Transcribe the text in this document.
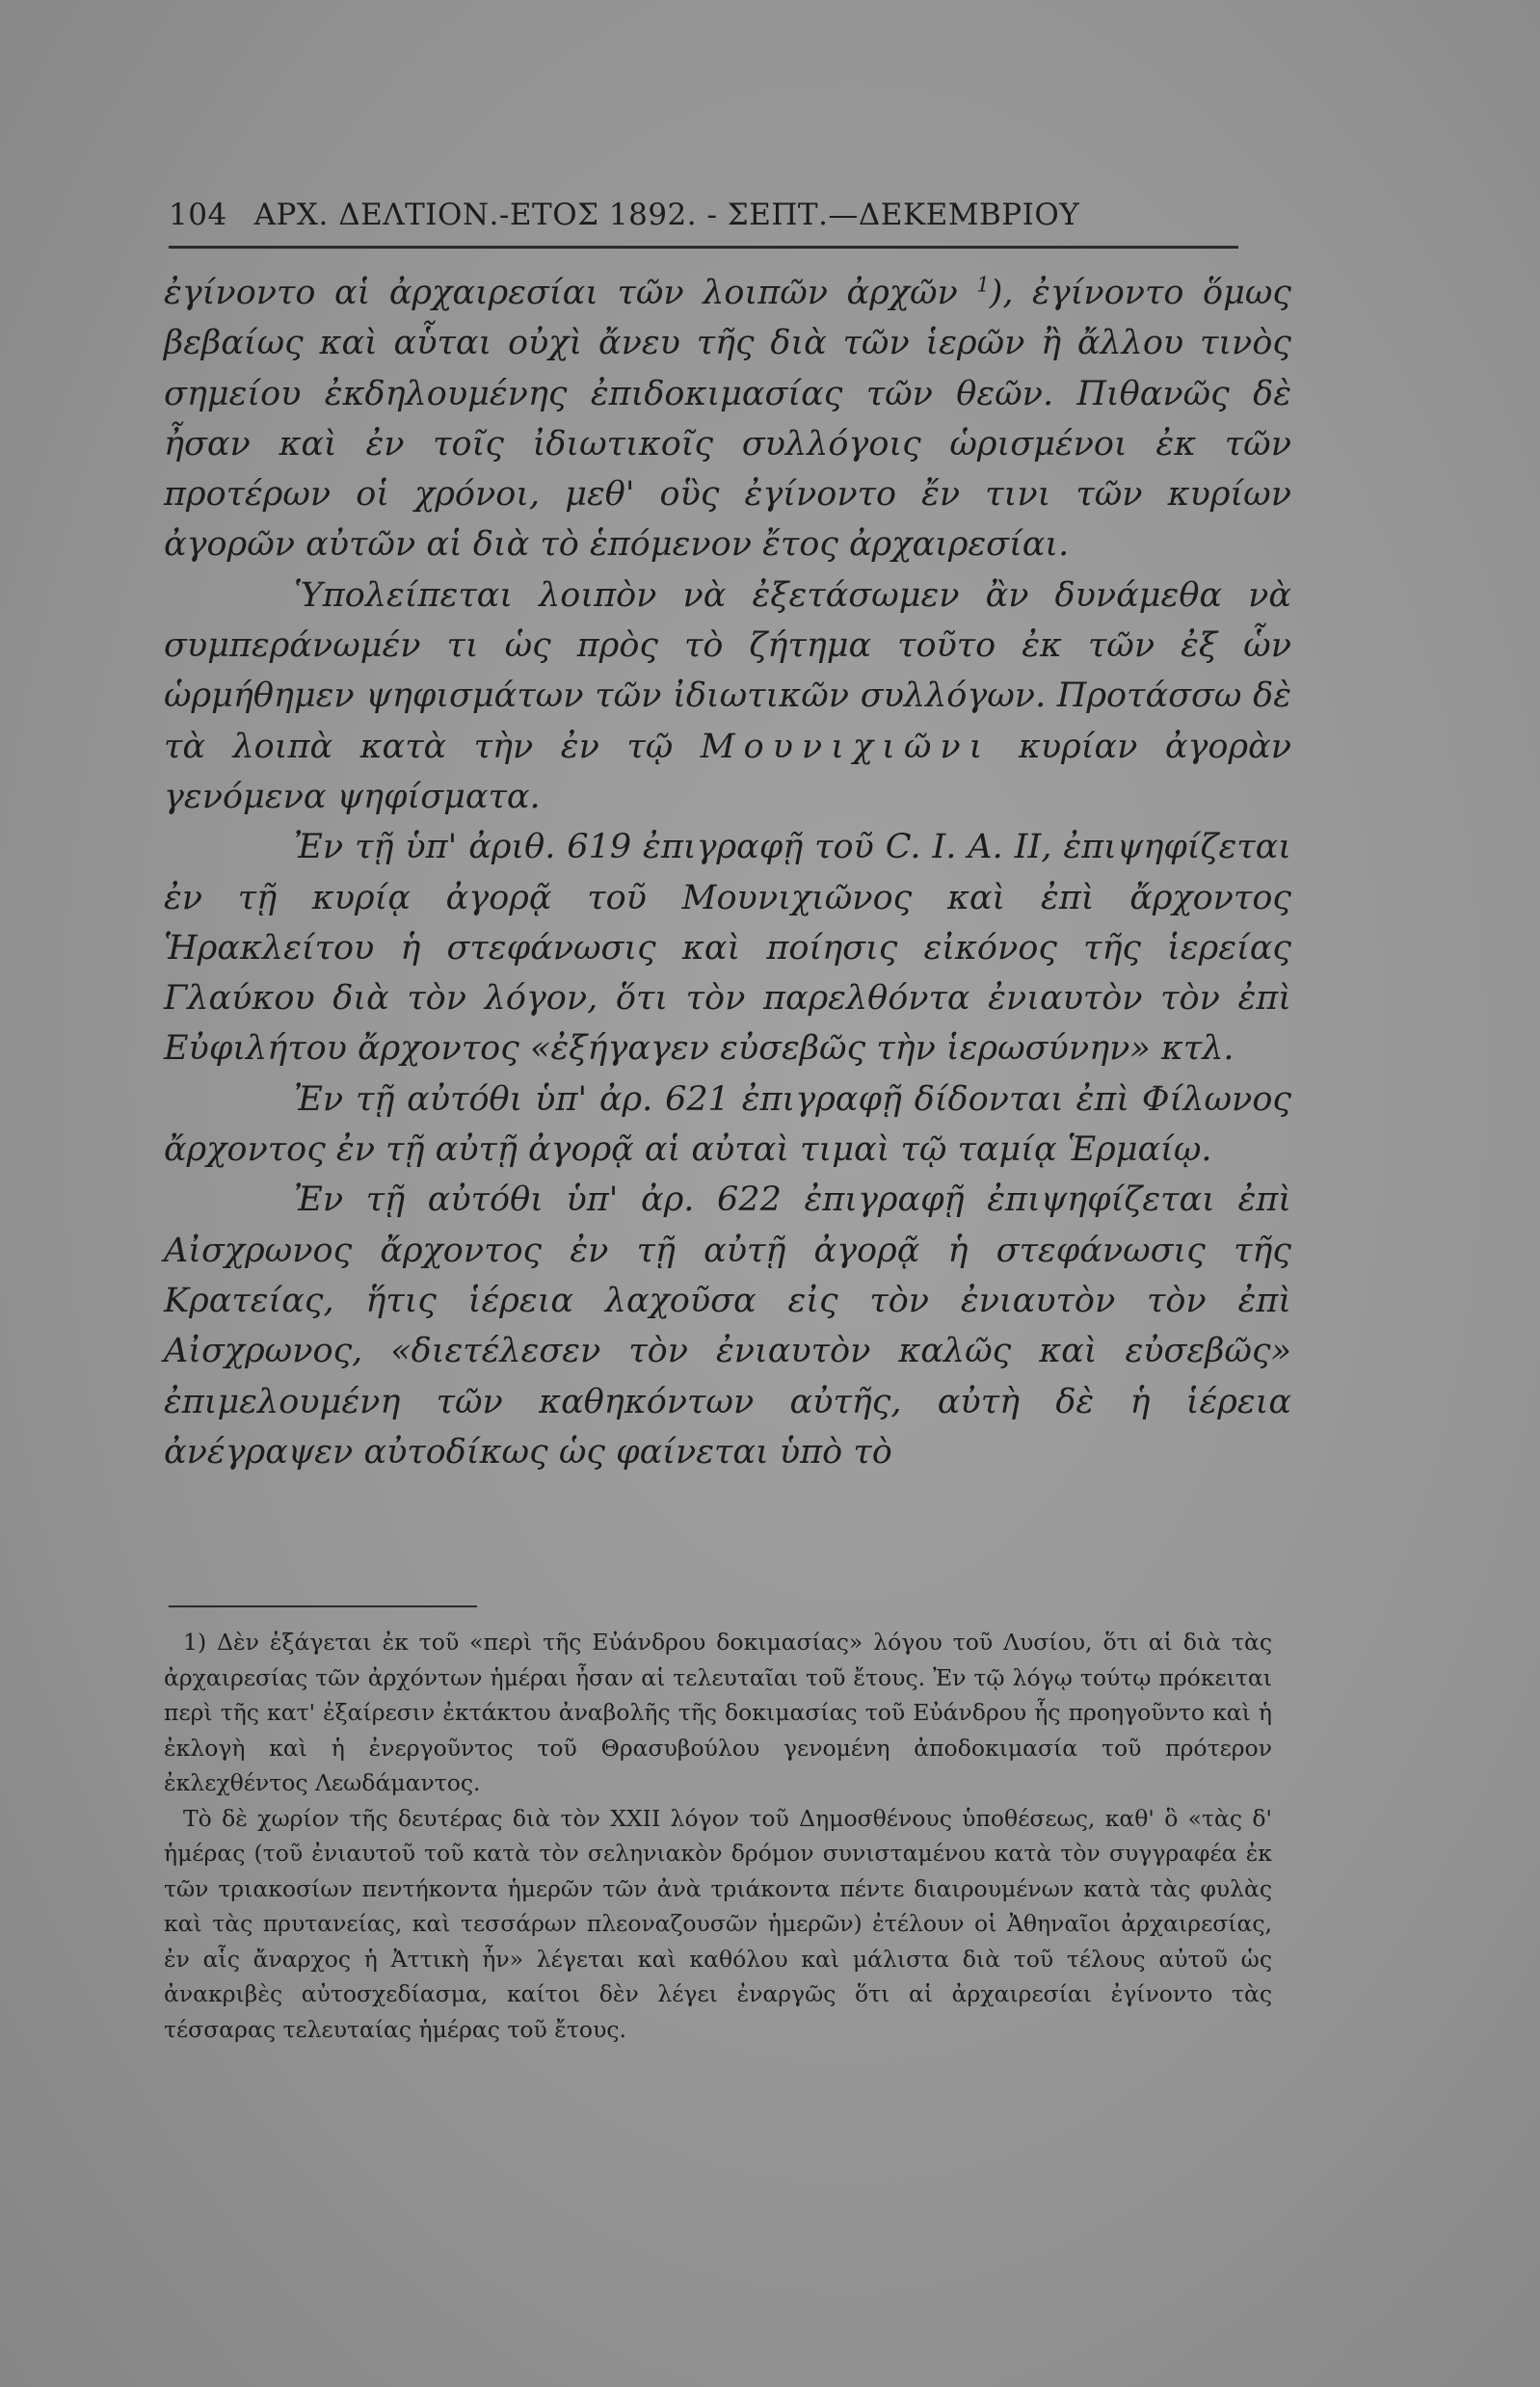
104 ΑΡΧ. ΔΕΛΤΙΟΝ.-ΕΤΟΣ 1892. - ΣΕΠΤ.—ΔΕΚΕΜΒΡΙΟΥ

ἐγίνοντο αἱ ἀρχαιρεσίαι τῶν λοιπῶν ἀρχῶν $^1$), ἐγίνοντο ὅμως βεβαίως καὶ αὗται οὐχὶ ἄνευ τῆς διὰ τῶν ἱερῶν ἢ ἄλλου τινὸς σημείου ἐκδηλουμένης ἐπιδοκιμασίας τῶν θεῶν. Πιθανῶς δὲ ἦσαν καὶ ἐν τοῖς ἰδιωτικοῖς συλλόγοις ὡρισμένοι ἐκ τῶν προτέρων οἱ χρόνοι, μεθ' οὓς ἐγίνοντο ἔν τινι τῶν κυρίων ἀγορῶν αὐτῶν αἱ διὰ τὸ ἑπόμενον ἔτος ἀρχαιρεσίαι.

Ὑπολείπεται λοιπὸν νὰ ἐξετάσωμεν ἂν δυνάμεθα νὰ συμπεράνωμέν τι ὡς πρὸς τὸ ζήτημα τοῦτο ἐκ τῶν ἐξ ὧν ὡρμήθημεν ψηφισμάτων τῶν ἰδιωτικῶν συλλόγων. Προτάσσω δὲ τὰ λοιπὰ κατὰ τὴν ἐν τῷ Μουνιχιῶνι κυρίαν ἀγορὰν γενόμενα ψηφίσματα.

Ἐν τῇ ὑπ' ἀριθ. 619 ἐπιγραφῇ τοῦ C. I. A. II, ἐπιψηφίζεται ἐν τῇ κυρίᾳ ἀγορᾷ τοῦ Μουνιχιῶνος καὶ ἐπὶ ἄρχοντος Ἡρακλείτου ἡ στεφάνωσις καὶ ποίησις εἰκόνος τῆς ἱερείας Γλαύκου διὰ τὸν λόγον, ὅτι τὸν παρελθόντα ἐνιαυτὸν τὸν ἐπὶ Εὐφιλήτου ἄρχοντος «ἐξήγαγεν εὐσεβῶς τὴν ἱερωσύνην» κτλ.

Ἐν τῇ αὐτόθι ὑπ' ἀρ. 621 ἐπιγραφῇ δίδονται ἐπὶ Φίλωνος ἄρχοντος ἐν τῇ αὐτῇ ἀγορᾷ αἱ αὐταὶ τιμαὶ τῷ ταμίᾳ Ἑρμαίῳ.

Ἐν τῇ αὐτόθι ὑπ' ἀρ. 622 ἐπιγραφῇ ἐπιψηφίζεται ἐπὶ Αἰσχρωνος ἄρχοντος ἐν τῇ αὐτῇ ἀγορᾷ ἡ στεφάνωσις τῆς Κρατείας, ἥτις ἱέρεια λαχοῦσα εἰς τὸν ἐνιαυτὸν τὸν ἐπὶ Αἰσχρωνος, «διετέλεσεν τὸν ἐνιαυτὸν καλῶς καὶ εὐσεβῶς» ἐπιμελουμένη τῶν καθηκόντων αὐτῆς, αὐτὴ δὲ ἡ ἱέρεια ἀνέγραψεν αὐτοδίκως ὡς φαίνεται ὑπὸ τὸ

1) Δὲν ἐξάγεται ἐκ τοῦ «περὶ τῆς Εὐάνδρου δοκιμασίας» λόγου τοῦ Λυσίου, ὅτι αἱ διὰ τὰς ἀρχαιρεσίας τῶν ἀρχόντων ἡμέραι ἦσαν αἱ τελευταῖαι τοῦ ἔτους. Ἐν τῷ λόγῳ τούτῳ πρόκειται περὶ τῆς κατ' ἐξαίρεσιν ἐκτάκτου ἀναβολῆς τῆς δοκιμασίας τοῦ Εὐάνδρου ἧς προηγοῦντο καὶ ἡ ἐκλογὴ καὶ ἡ ἐνεργοῦντος τοῦ Θρασυβούλου γενομένη ἀποδοκιμασία τοῦ πρότερον ἐκλεχθέντος Λεωδάμαντος.

Τὸ δὲ χωρίον τῆς δευτέρας διὰ τὸν XXII λόγον τοῦ Δημοσθένους ὑποθέσεως, καθ' ὃ «τὰς δ' ἡμέρας (τοῦ ἐνιαυτοῦ τοῦ κατὰ τὸν σεληνιακὸν δρόμον συνισταμένου κατὰ τὸν συγγραφέα ἐκ τῶν τριακοσίων πεντήκοντα ἡμερῶν τῶν ἀνὰ τριάκοντα πέντε διαιρουμένων κατὰ τὰς φυλὰς καὶ τὰς πρυτανείας, καὶ τεσσάρων πλεοναζουσῶν ἡμερῶν) ἐτέλουν οἱ Ἀθηναῖοι ἀρχαιρεσίας, ἐν αἷς ἄναρχος ἡ Ἀττικὴ ἦν» λέγεται καὶ καθόλου καὶ μάλιστα διὰ τοῦ τέλους αὐτοῦ ὡς ἀνακριβὲς αὐτοσχεδίασμα, καίτοι δὲν λέγει ἐναργῶς ὅτι αἱ ἀρχαιρεσίαι ἐγίνοντο τὰς τέσσαρας τελευταίας ἡμέρας τοῦ ἔτους.
